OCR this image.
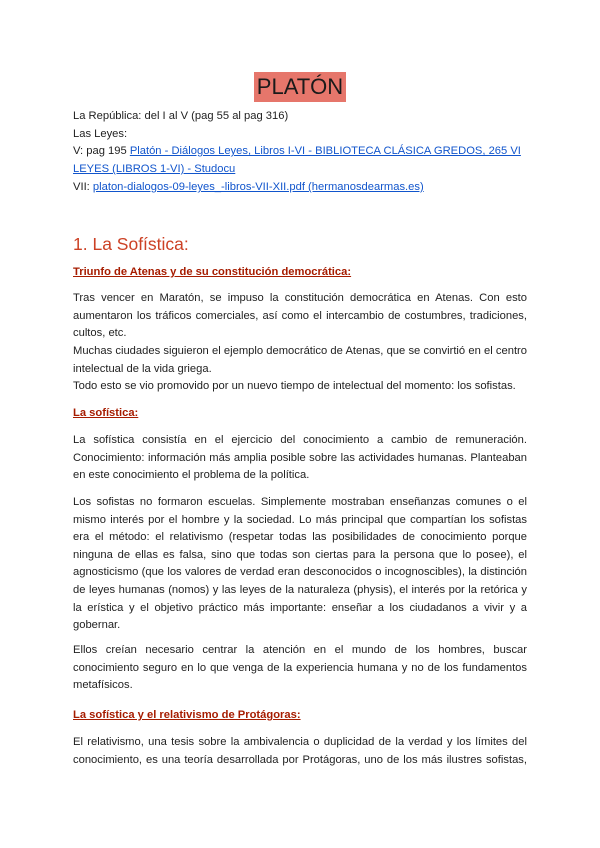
PLATÓN
La República: del I al V (pag 55 al pag 316)
Las Leyes:
V: pag 195 Platón - Diálogos Leyes, Libros I-VI - BIBLIOTECA CLÁSICA GREDOS, 265 VI
LEYES (LIBROS 1-VI) - Studocu
VII: platon-dialogos-09-leyes_-libros-VII-XII.pdf (hermanosdearmas.es)
1. La Sofística:
Triunfo de Atenas y de su constitución democrática:
Tras vencer en Maratón, se impuso la constitución democrática en Atenas. Con esto
aumentaron los tráficos comerciales, así como el intercambio de costumbres, tradiciones,
cultos, etc.
Muchas ciudades siguieron el ejemplo democrático de Atenas, que se convirtió en el centro
intelectual de la vida griega.
Todo esto se vio promovido por un nuevo tiempo de intelectual del momento: los sofistas.
La sofística:
La sofística consistía en el ejercicio del conocimiento a cambio de remuneración.
Conocimiento: información más amplia posible sobre las actividades humanas. Planteaban
en este conocimiento el problema de la política.
Los sofistas no formaron escuelas. Simplemente mostraban enseñanzas comunes o el
mismo interés por el hombre y la sociedad. Lo más principal que compartían los sofistas
era el método: el relativismo (respetar todas las posibilidades de conocimiento porque
ninguna de ellas es falsa, sino que todas son ciertas para la persona que lo posee), el
agnosticismo (que los valores de verdad eran desconocidos o incognoscibles), la distinción
de leyes humanas (nomos) y las leyes de la naturaleza (physis), el interés por la retórica y
la erística y el objetivo práctico más importante: enseñar a los ciudadanos a vivir y a
gobernar.
Ellos creían necesario centrar la atención en el mundo de los hombres, buscar
conocimiento seguro en lo que venga de la experiencia humana y no de los fundamentos
metafísicos.
La sofística y el relativismo de Protágoras:
El relativismo, una tesis sobre la ambivalencia o duplicidad de la verdad y los límites del
conocimiento, es una teoría desarrollada por Protágoras, uno de los más ilustres sofistas,
